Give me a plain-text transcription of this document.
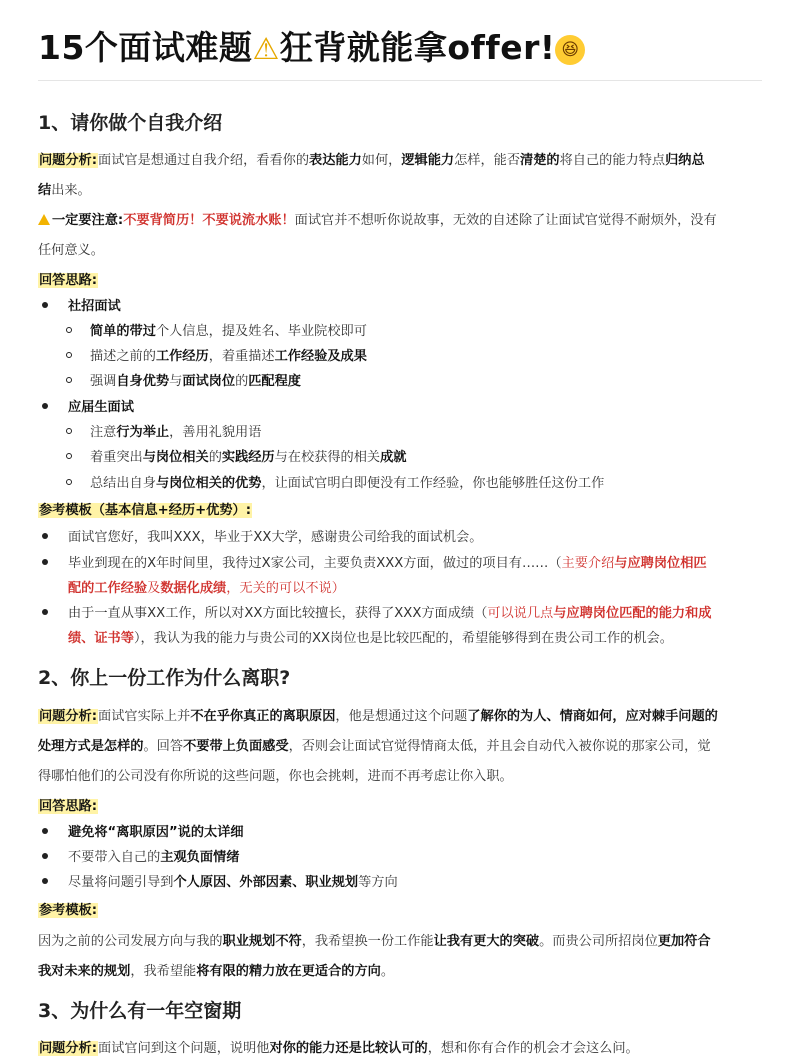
15个面试难题⚠狂背就能拿offer! 😆
1、请你做个自我介绍
问题分析:面试官是想通过自我介绍，看看你的表达能力如何，逻辑能力怎样，能否清楚的将自己的能力特点归纳总
结出来。
一定要注意:不要背简历！不要说流水账！面试官并不想听你说故事，无效的自述除了让面试官觉得不耐烦外，没有
任何意义。
回答思路:
社招面试
简单的带过个人信息，提及姓名、毕业院校即可
描述之前的工作经历，着重描述工作经验及成果
强调自身优势与面试岗位的匹配程度
应届生面试
注意行为举止，善用礼貌用语
着重突出与岗位相关的实践经历与在校获得的相关成就
总结出自身与岗位相关的优势，让面试官明白即便没有工作经验，你也能够胜任这份工作
参考模板（基本信息+经历+优势）:
面试官您好，我叫XXX，毕业于XX大学，感谢贵公司给我的面试机会。
毕业到现在的X年时间里，我待过X家公司，主要负责XXX方面，做过的项目有……（主要介绍与应聘岗位相匹
配的工作经验及数据化成绩，无关的可以不说）
由于一直从事XX工作，所以对XX方面比较擅长，获得了XXX方面成绩（可以说几点与应聘岗位匹配的能力和成
绩、证书等），我认为我的能力与贵公司的XX岗位也是比较匹配的，希望能够得到在贵公司工作的机会。
2、你上一份工作为什么离职?
问题分析:面试官实际上并不在乎你真正的离职原因，他是想通过这个问题了解你的为人、情商如何，应对棘手问题的
处理方式是怎样的。回答不要带上负面感受，否则会让面试官觉得情商太低，并且会自动代入被你说的那家公司，觉
得哪怕他们的公司没有你所说的这些问题，你也会挑刺，进而不再考虑让你入职。
回答思路:
避免将“离职原因”说的太详细
不要带入自己的主观负面情绪
尽量将问题引导到个人原因、外部因素、职业规划等方向
参考模板:
因为之前的公司发展方向与我的职业规划不符，我希望换一份工作能让我有更大的突破。而贵公司所招岗位更加符合
我对未来的规划，我希望能将有限的精力放在更适合的方向。
3、为什么有一年空窗期
问题分析:面试官问到这个问题，说明他对你的能力还是比较认可的，想和你有合作的机会才会这么问。
